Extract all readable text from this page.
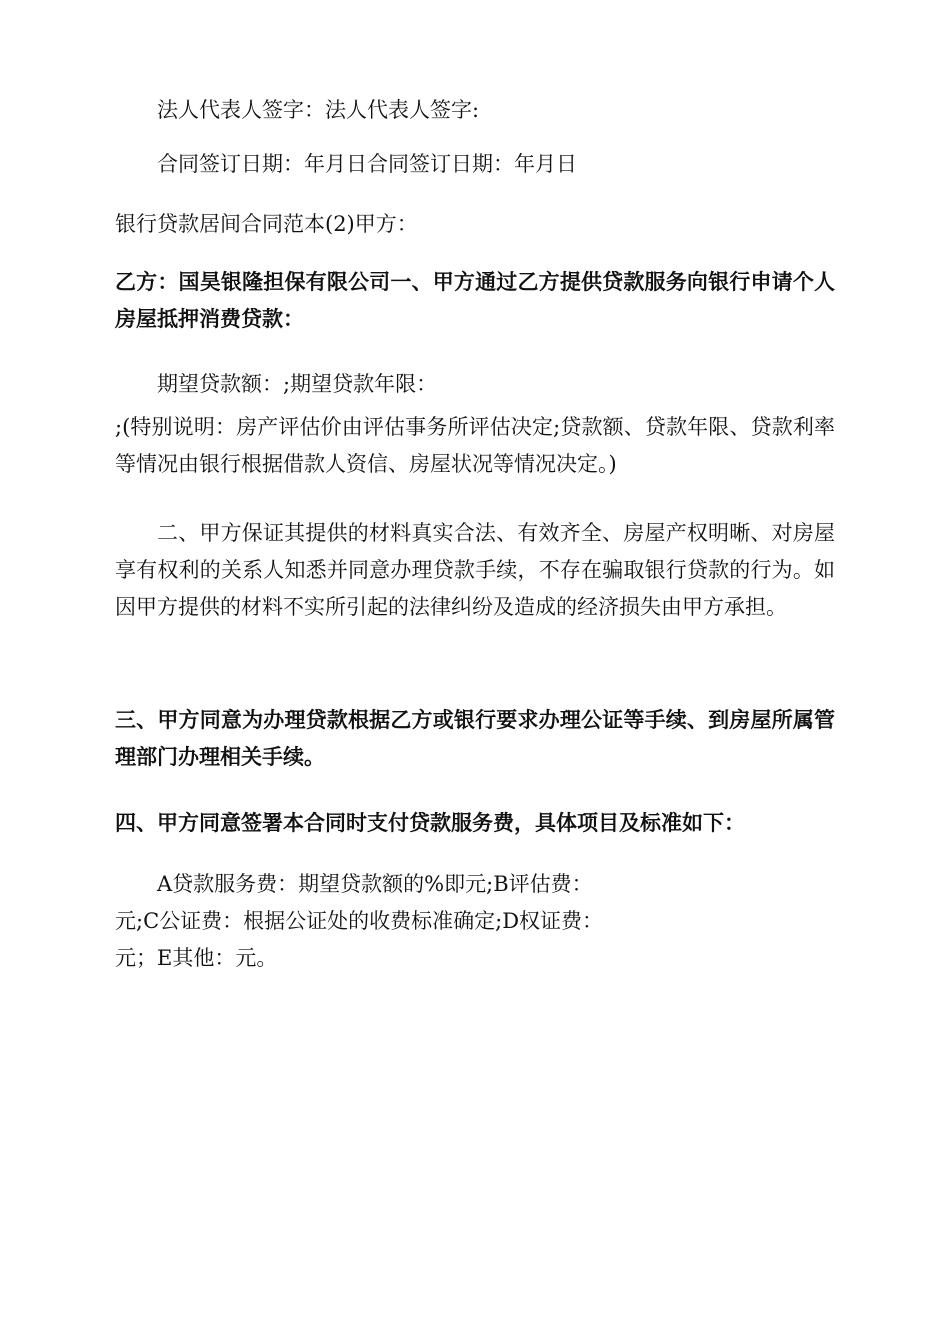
法人代表人签字：法人代表人签字:

合同签订日期：年月日合同签订日期：年月日

银行贷款居间合同范本(2)甲方：

乙方：国昊银隆担保有限公司一、甲方通过乙方提供贷款服务向银行申请个人房屋抵押消费贷款：

期望贷款额：;期望贷款年限：

;(特别说明：房产评估价由评估事务所评估决定;贷款额、贷款年限、贷款利率等情况由银行根据借款人资信、房屋状况等情况决定。)

二、甲方保证其提供的材料真实合法、有效齐全、房屋产权明晰、对房屋享有权利的关系人知悉并同意办理贷款手续，不存在骗取银行贷款的行为。如因甲方提供的材料不实所引起的法律纠纷及造成的经济损失由甲方承担。

三、甲方同意为办理贷款根据乙方或银行要求办理公证等手续、到房屋所属管理部门办理相关手续。

四、甲方同意签署本合同时支付贷款服务费，具体项目及标准如下：

A贷款服务费：期望贷款额的%即元;B评估费：
元;C公证费：根据公证处的收费标准确定;D权证费：
元；E其他：元。
